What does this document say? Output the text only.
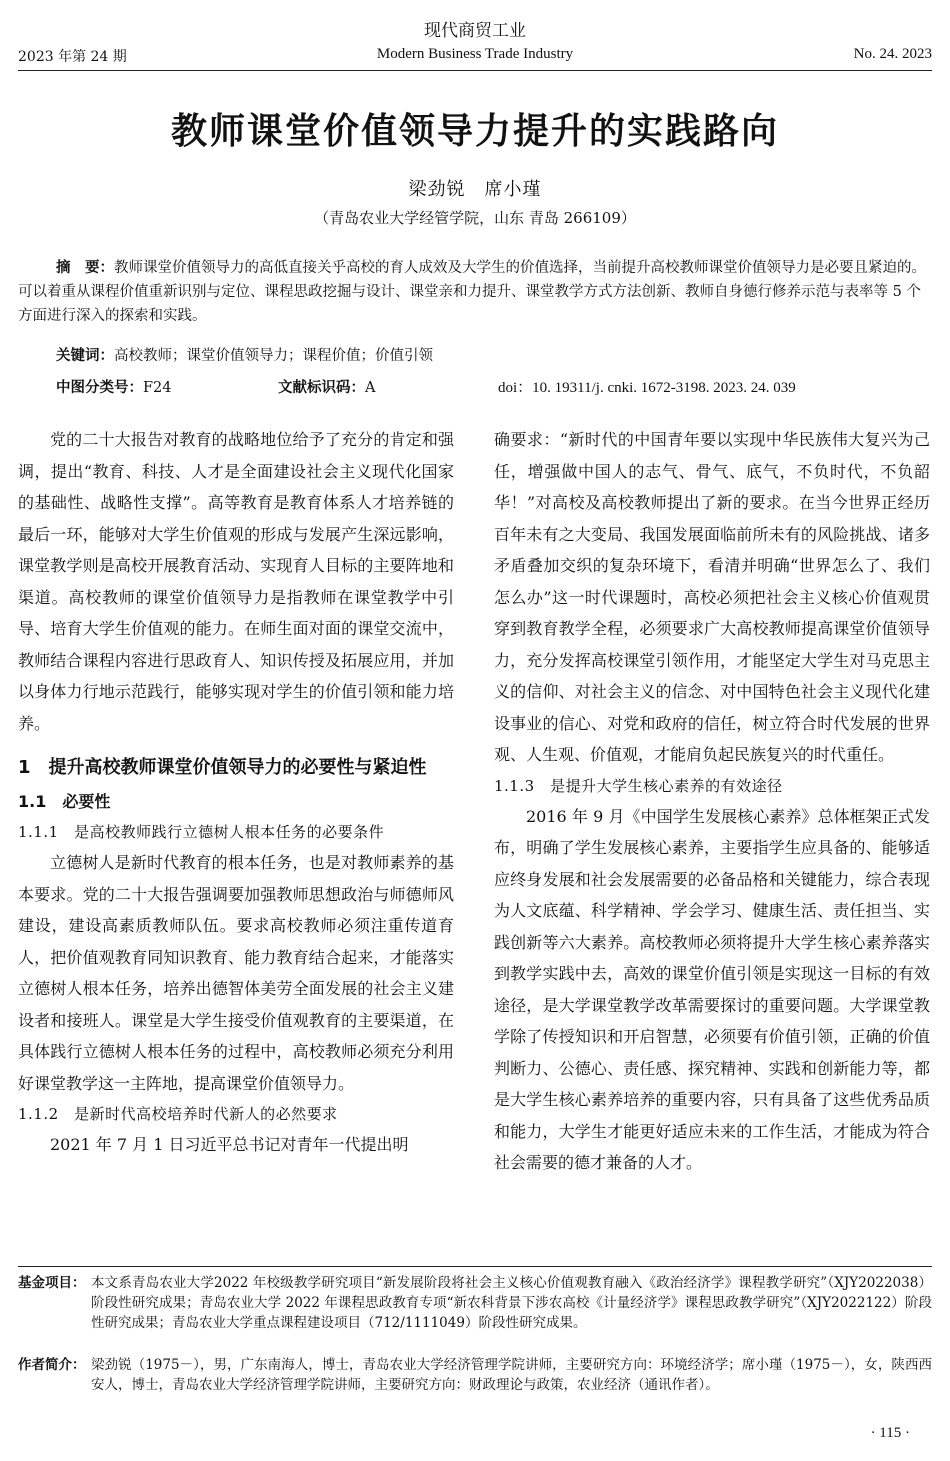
现代商贸工业
2023 年第 24 期	Modern Business Trade Industry	No. 24. 2023
教师课堂价值领导力提升的实践路向
梁劲锐　席小瑾
（青岛农业大学经管学院，山东 青岛 266109）
摘　要：教师课堂价值领导力的高低直接关乎高校的育人成效及大学生的价值选择，当前提升高校教师课堂价值领导力是必要且紧迫的。可以着重从课程价值重新识别与定位、课程思政挖掘与设计、课堂亲和力提升、课堂教学方式方法创新、教师自身德行修养示范与表率等 5 个方面进行深入的探索和实践。
关键词：高校教师；课堂价值领导力；课程价值；价值引领
中图分类号：F24	文献标识码：A	doi：10. 19311/j. cnki. 1672-3198. 2023. 24. 039

党的二十大报告对教育的战略地位给予了充分的肯定和强调，提出“教育、科技、人才是全面建设社会主义现代化国家的基础性、战略性支撑”。高等教育是教育体系人才培养链的最后一环，能够对大学生价值观的形成与发展产生深远影响，课堂教学则是高校开展教育活动、实现育人目标的主要阵地和渠道。高校教师的课堂价值领导力是指教师在课堂教学中引导、培育大学生价值观的能力。在师生面对面的课堂交流中，教师结合课程内容进行思政育人、知识传授及拓展应用，并加以身体力行地示范践行，能够实现对学生的价值引领和能力培养。

1　提升高校教师课堂价值领导力的必要性与紧迫性
1.1　必要性
1.1.1　是高校教师践行立德树人根本任务的必要条件

立德树人是新时代教育的根本任务，也是对教师素养的基本要求。党的二十大报告强调要加强教师思想政治与师德师风建设，建设高素质教师队伍。要求高校教师必须注重传道育人，把价值观教育同知识教育、能力教育结合起来，才能落实立德树人根本任务，培养出德智体美劳全面发展的社会主义建设者和接班人。课堂是大学生接受价值观教育的主要渠道，在具体践行立德树人根本任务的过程中，高校教师必须充分利用好课堂教学这一主阵地，提高课堂价值领导力。

1.1.2　是新时代高校培养时代新人的必然要求

2021 年 7 月 1 日习近平总书记对青年一代提出明

确要求：“新时代的中国青年要以实现中华民族伟大复兴为己任，增强做中国人的志气、骨气、底气，不负时代，不负韶华！”对高校及高校教师提出了新的要求。在当今世界正经历百年未有之大变局、我国发展面临前所未有的风险挑战、诸多矛盾叠加交织的复杂环境下，看清并明确“世界怎么了、我们怎么办”这一时代课题时，高校必须把社会主义核心价值观贯穿到教育教学全程，必须要求广大高校教师提高课堂价值领导力，充分发挥高校课堂引领作用，才能坚定大学生对马克思主义的信仰、对社会主义的信念、对中国特色社会主义现代化建设事业的信心、对党和政府的信任，树立符合时代发展的世界观、人生观、价值观，才能肩负起民族复兴的时代重任。

1.1.3　是提升大学生核心素养的有效途径

2016 年 9 月《中国学生发展核心素养》总体框架正式发布，明确了学生发展核心素养，主要指学生应具备的、能够适应终身发展和社会发展需要的必备品格和关键能力，综合表现为人文底蕴、科学精神、学会学习、健康生活、责任担当、实践创新等六大素养。高校教师必须将提升大学生核心素养落实到教学实践中去，高效的课堂价值引领是实现这一目标的有效途径，是大学课堂教学改革需要探讨的重要问题。大学课堂教学除了传授知识和开启智慧，必须要有价值引领，正确的价值判断力、公德心、责任感、探究精神、实践和创新能力等，都是大学生核心素养培养的重要内容，只有具备了这些优秀品质和能力，大学生才能更好适应未来的工作生活，才能成为符合社会需要的德才兼备的人才。

基金项目： 本文系青岛农业大学2022 年校级教学研究项目“新发展阶段将社会主义核心价值观教育融入《政治经济学》课程教学研究”（XJY2022038）阶段性研究成果；青岛农业大学 2022 年课程思政教育专项“新农科背景下涉农高校《计量经济学》课程思政教学研究”（XJY2022122）阶段性研究成果；青岛农业大学重点课程建设项目（712/1111049）阶段性研究成果。
作者简介： 梁劲锐（1975－），男，广东南海人，博士，青岛农业大学经济管理学院讲师，主要研究方向：环境经济学；席小瑾（1975－），女，陕西西安人，博士，青岛农业大学经济管理学院讲师，主要研究方向：财政理论与政策，农业经济（通讯作者）。
· 115 ·
